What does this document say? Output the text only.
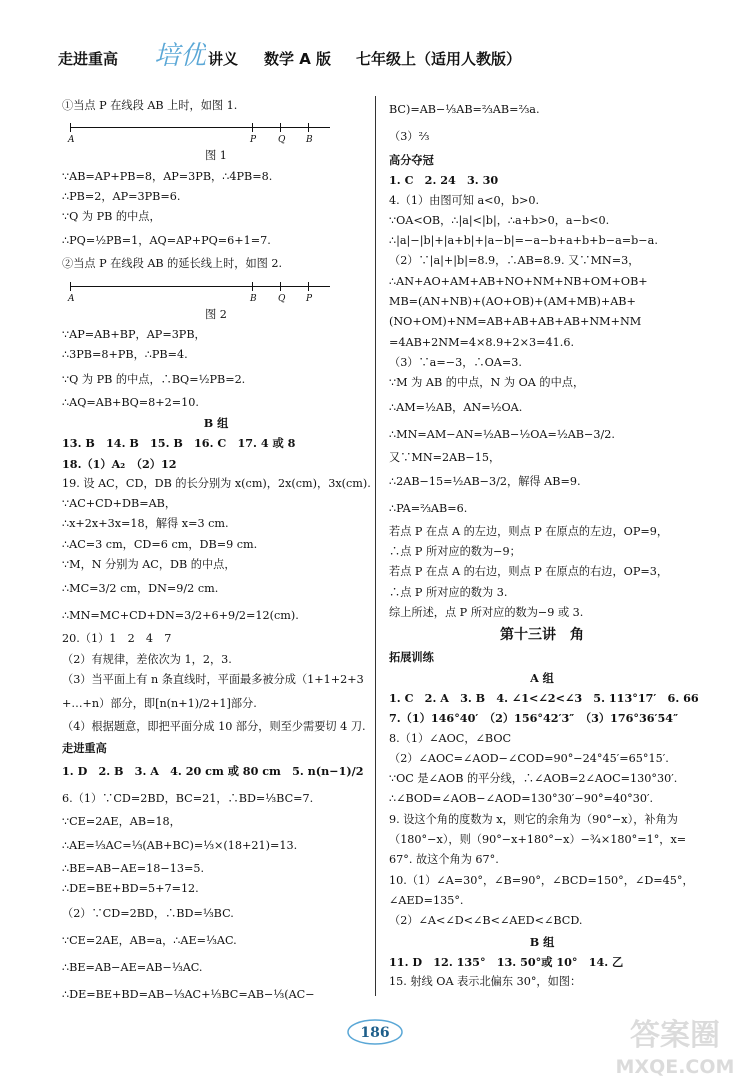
走进重高 培优 讲义 数学 A 版 七年级上（适用人教版）
①当点 P 在线段 AB 上时，如图 1.
A	P Q B
图 1
∵AB=AP+PB=8，AP=3PB，∴4PB=8.
∴PB=2，AP=3PB=6.
∵Q 为 PB 的中点，
∴PQ=½PB=1，AQ=AP+PQ=6+1=7.
②当点 P 在线段 AB 的延长线上时，如图 2.
A	B Q P
图 2
∵AP=AB+BP，AP=3PB，
∴3PB=8+PB，∴PB=4.
∵Q 为 PB 的中点，∴BQ=½PB=2.
∴AQ=AB+BQ=8+2=10.
B 组
13. B　14. B　15. B　16. C　17. 4 或 8
18.（1）A₂　（2）12
19. 设 AC，CD，DB 的长分别为 x(cm)，2x(cm)，3x(cm).
∵AC+CD+DB=AB，
∴x+2x+3x=18，解得 x=3 cm.
∴AC=3 cm，CD=6 cm，DB=9 cm.
∵M，N 分别为 AC，DB 的中点，
∴MC=3/2 cm，DN=9/2 cm.
∴MN=MC+CD+DN=3/2+6+9/2=12(cm).
20.（1）1　2　4　7
（2）有规律，差依次为 1，2，3.
（3）当平面上有 n 条直线时，平面最多被分成（1+1+2+3
+…+n）部分，即[n(n+1)/2+1]部分.
（4）根据题意，即把平面分成 10 部分，则至少需要切 4 刀.
走进重高
1. D　2. B　3. A　4. 20 cm 或 80 cm　5. n(n−1)/2
6.（1）∵CD=2BD，BC=21，∴BD=⅓BC=7.
∵CE=2AE，AB=18，
∴AE=⅓AC=⅓(AB+BC)=⅓×(18+21)=13.
∴BE=AB−AE=18−13=5.
∴DE=BE+BD=5+7=12.
（2）∵CD=2BD，∴BD=⅓BC.
∵CE=2AE，AB=a，∴AE=⅓AC.
∴BE=AB−AE=AB−⅓AC.
∴DE=BE+BD=AB−⅓AC+⅓BC=AB−⅓(AC−
BC)=AB−⅓AB=⅔AB=⅔a.
（3）⅔
高分夺冠
1. C　2. 24　3. 30
4.（1）由图可知 a<0，b>0.
∵OA<OB，∴|a|<|b|，∴a+b>0，a−b<0.
∴|a|−|b|+|a+b|+|a−b|=−a−b+a+b+b−a=b−a.
（2）∵|a|+|b|=8.9，∴AB=8.9. 又∵MN=3，
∴AN+AO+AM+AB+NO+NM+NB+OM+OB+
MB=(AN+NB)+(AO+OB)+(AM+MB)+AB+
(NO+OM)+NM=AB+AB+AB+AB+NM+NM
=4AB+2NM=4×8.9+2×3=41.6.
（3）∵a=−3，∴OA=3.
∵M 为 AB 的中点，N 为 OA 的中点，
∴AM=½AB，AN=½OA.
∴MN=AM−AN=½AB−½OA=½AB−3/2.
又∵MN=2AB−15，
∴2AB−15=½AB−3/2，解得 AB=9.
∴PA=⅔AB=6.
若点 P 在点 A 的左边，则点 P 在原点的左边，OP=9，
∴点 P 所对应的数为−9；
若点 P 在点 A 的右边，则点 P 在原点的右边，OP=3，
∴点 P 所对应的数为 3.
综上所述，点 P 所对应的数为−9 或 3.
第十三讲　角
拓展训练
A 组
1. C　2. A　3. B　4. ∠1<∠2<∠3　5. 113°17′　6. 66
7.（1）146°40′　（2）156°42′3″　（3）176°36′54″
8.（1）∠AOC，∠BOC
（2）∠AOC=∠AOD−∠COD=90°−24°45′=65°15′.
∵OC 是∠AOB 的平分线，∴∠AOB=2∠AOC=130°30′.
∴∠BOD=∠AOB−∠AOD=130°30′−90°=40°30′.
9. 设这个角的度数为 x，则它的余角为（90°−x），补角为
（180°−x），则（90°−x+180°−x）−¾×180°=1°，x=
67°. 故这个角为 67°.
10.（1）∠A=30°，∠B=90°，∠BCD=150°，∠D=45°，
∠AED=135°.
（2）∠A<∠D<∠B<∠AED<∠BCD.
B 组
11. D　12. 135°　13. 50°或 10°　14. 乙
15. 射线 OA 表示北偏东 30°，如图：
186	答案圈
MXQE.COM
